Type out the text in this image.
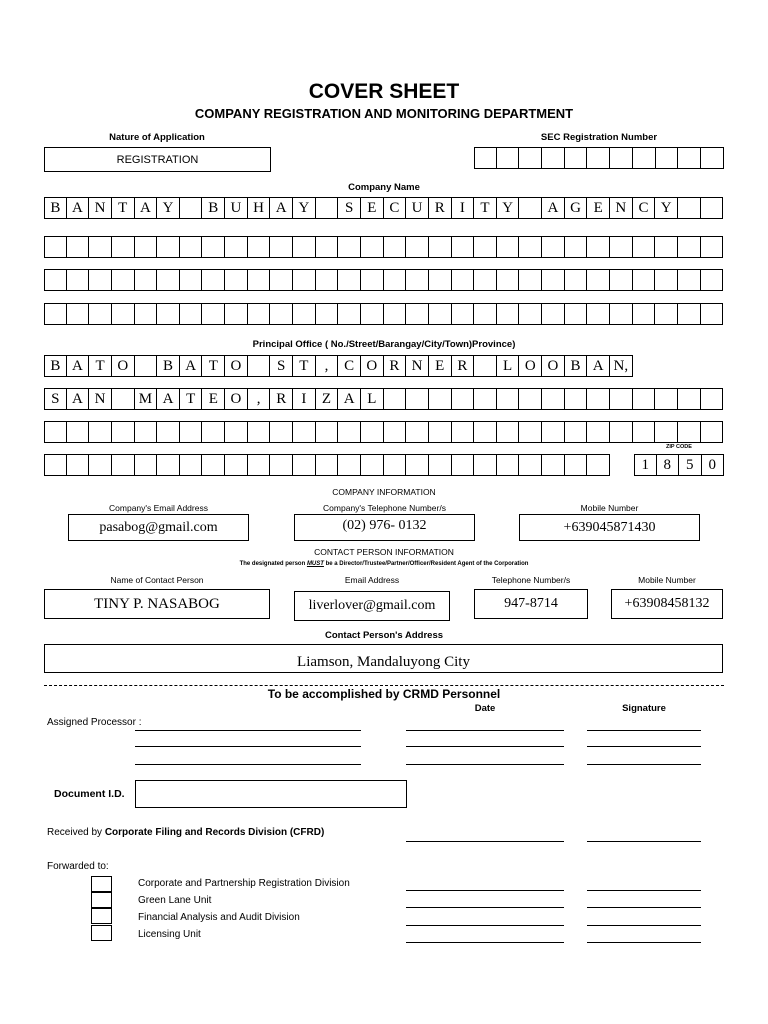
COVER SHEET
COMPANY REGISTRATION AND MONITORING DEPARTMENT
Nature of Application
REGISTRATION
SEC Registration Number
Company Name
B A N T A Y	B U H A Y	S E C U R	I	T Y	A G E N C Y
Principal Office ( No./Street/Barangay/City/Town)Province)
B A T O	B A T O	S T	,	C O R N E R	L O O B A N,
S A N	M A T E O	,	R	I	Z A L
ZIP CODE
1 8	5	0
COMPANY INFORMATION
Company's Email Address	Company's Telephone Number/s	Mobile Number
pasabog@gmail.com	(02) 976- 0132	+639045871430
CONTACT PERSON INFORMATION
The designated person MUST be a Director/Trustee/Partner/Officer/Resident Agent of the Corporation
Name of Contact Person	Email Address	Telephone Number/s	Mobile Number
TINY P. NASABOG	liverlover@gmail.com	947-8714	+63908458132
Contact Person's Address
Liamson, Mandaluyong City
To be accomplished by CRMD Personnel
Date	Signature
Assigned Processor :
Document I.D.
Received by Corporate Filing and Records Division (CFRD)
Forwarded to:
Corporate and Partnership Registration Division
Green Lane Unit
Financial Analysis and Audit Division
Licensing Unit
